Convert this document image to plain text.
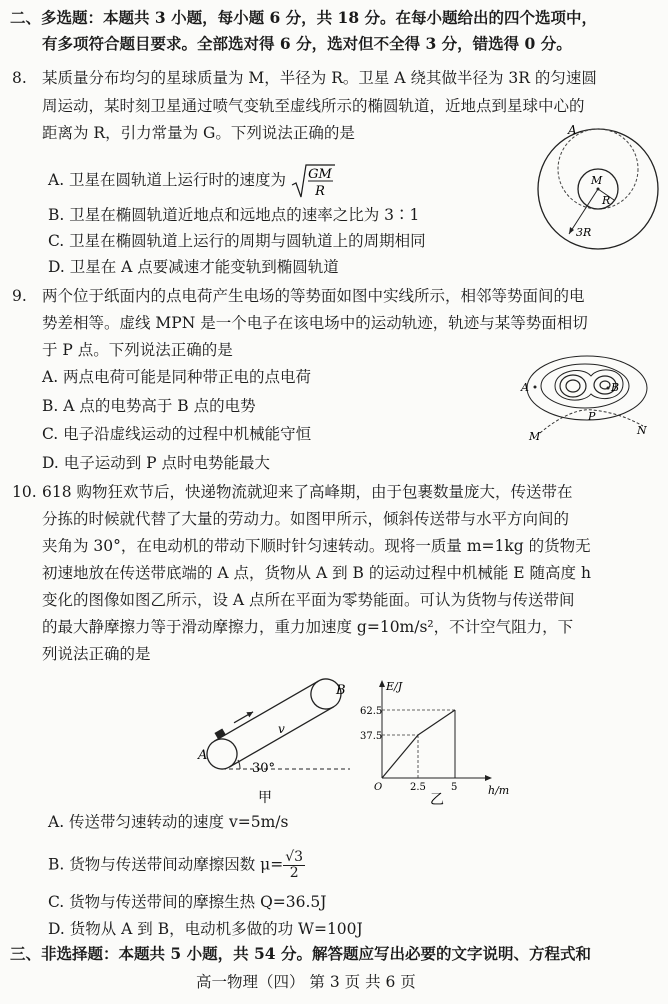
二、多选题：本题共 3 小题，每小题 6 分，共 18 分。在每小题给出的四个选项中，
有多项符合题目要求。全部选对得 6 分，选对但不全得 3 分，错选得 0 分。
8. 某质量分布均匀的星球质量为 M，半径为 R。卫星 A 绕其做半径为 3R 的匀速圆
周运动，某时刻卫星通过喷气变轨至虚线所示的椭圆轨道，近地点到星球中心的
距离为 R，引力常量为 G。下列说法正确的是
A. 卫星在圆轨道上运行时的速度为 GM
R
B. 卫星在椭圆轨道近地点和远地点的速率之比为 3∶1
C. 卫星在椭圆轨道上运行的周期与圆轨道上的周期相同
D. 卫星在 A 点要减速才能变轨到椭圆轨道
A
M
R
3R
9. 两个位于纸面内的点电荷产生电场的等势面如图中实线所示，相邻等势面间的电
势差相等。虚线 MPN 是一个电子在该电场中的运动轨迹，轨迹与某等势面相切
于 P 点。下列说法正确的是
A. 两点电荷可能是同种带正电的点电荷
B. A 点的电势高于 B 点的电势
C. 电子沿虚线运动的过程中机械能守恒
D. 电子运动到 P 点时电势能最大
A	B
P
M	N
10. 618 购物狂欢节后，快递物流就迎来了高峰期，由于包裹数量庞大，传送带在
分拣的时候就代替了大量的劳动力。如图甲所示，倾斜传送带与水平方向间的
夹角为 30°，在电动机的带动下顺时针匀速转动。现将一质量 m=1kg 的货物无
初速地放在传送带底端的 A 点，货物从 A 到 B 的运动过程中机械能 E 随高度 h
变化的图像如图乙所示，设 A 点所在平面为零势能面。可认为货物与传送带间
的最大静摩擦力等于滑动摩擦力，重力加速度 g=10m/s²，不计空气阻力，下
列说法正确的是
A
B
v
30°
甲
E/J
h/m
62.5
37.5
2.5	5
O
乙
A. 传送带匀速转动的速度 v=5m/s
B. 货物与传送带间动摩擦因数 $\mu= \frac{√3}{2}$
C. 货物与传送带间的摩擦生热 Q=36.5J
D. 货物从 A 到 B，电动机多做的功 W=100J
三、非选择题：本题共 5 小题，共 54 分。解答题应写出必要的文字说明、方程式和
高一物理（四） 第 3 页 共 6 页
